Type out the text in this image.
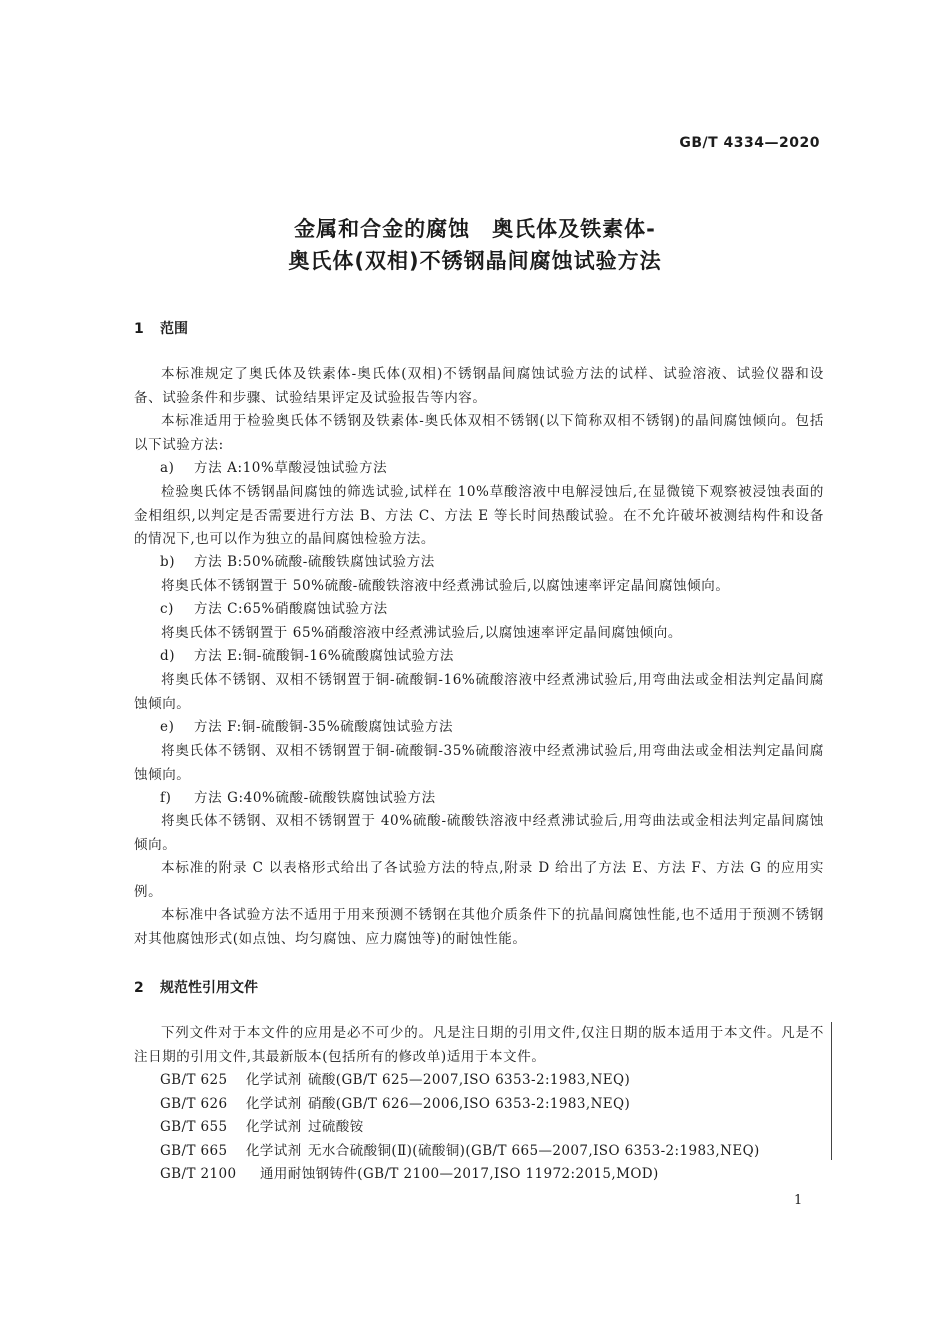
GB/T 4334—2020
金属和合金的腐蚀　奥氏体及铁素体-
奥氏体(双相)不锈钢晶间腐蚀试验方法
1 范围
本标准规定了奥氏体及铁素体-奥氏体(双相)不锈钢晶间腐蚀试验方法的试样、试验溶液、试验仪器和设备、试验条件和步骤、试验结果评定及试验报告等内容。
本标准适用于检验奥氏体不锈钢及铁素体-奥氏体双相不锈钢(以下简称双相不锈钢)的晶间腐蚀倾向。包括以下试验方法:
a) 方法 A:10%草酸浸蚀试验方法
检验奥氏体不锈钢晶间腐蚀的筛选试验,试样在 10%草酸溶液中电解浸蚀后,在显微镜下观察被浸蚀表面的金相组织,以判定是否需要进行方法 B、方法 C、方法 E 等长时间热酸试验。在不允许破坏被测结构件和设备的情况下,也可以作为独立的晶间腐蚀检验方法。
b) 方法 B:50%硫酸-硫酸铁腐蚀试验方法
将奥氏体不锈钢置于 50%硫酸-硫酸铁溶液中经煮沸试验后,以腐蚀速率评定晶间腐蚀倾向。
c) 方法 C:65%硝酸腐蚀试验方法
将奥氏体不锈钢置于 65%硝酸溶液中经煮沸试验后,以腐蚀速率评定晶间腐蚀倾向。
d) 方法 E:铜-硫酸铜-16%硫酸腐蚀试验方法
将奥氏体不锈钢、双相不锈钢置于铜-硫酸铜-16%硫酸溶液中经煮沸试验后,用弯曲法或金相法判定晶间腐蚀倾向。
e) 方法 F:铜-硫酸铜-35%硫酸腐蚀试验方法
将奥氏体不锈钢、双相不锈钢置于铜-硫酸铜-35%硫酸溶液中经煮沸试验后,用弯曲法或金相法判定晶间腐蚀倾向。
f) 方法 G:40%硫酸-硫酸铁腐蚀试验方法
将奥氏体不锈钢、双相不锈钢置于 40%硫酸-硫酸铁溶液中经煮沸试验后,用弯曲法或金相法判定晶间腐蚀倾向。
本标准的附录 C 以表格形式给出了各试验方法的特点,附录 D 给出了方法 E、方法 F、方法 G 的应用实例。
本标准中各试验方法不适用于用来预测不锈钢在其他介质条件下的抗晶间腐蚀性能,也不适用于预测不锈钢对其他腐蚀形式(如点蚀、均匀腐蚀、应力腐蚀等)的耐蚀性能。
2 规范性引用文件
下列文件对于本文件的应用是必不可少的。凡是注日期的引用文件,仅注日期的版本适用于本文件。凡是不注日期的引用文件,其最新版本(包括所有的修改单)适用于本文件。
GB/T 625 化学试剂 硫酸(GB/T 625—2007,ISO 6353-2:1983,NEQ)
GB/T 626 化学试剂 硝酸(GB/T 626—2006,ISO 6353-2:1983,NEQ)
GB/T 655 化学试剂 过硫酸铵
GB/T 665 化学试剂 无水合硫酸铜(Ⅱ)(硫酸铜)(GB/T 665—2007,ISO 6353-2:1983,NEQ)
GB/T 2100 通用耐蚀钢铸件(GB/T 2100—2017,ISO 11972:2015,MOD)
1
